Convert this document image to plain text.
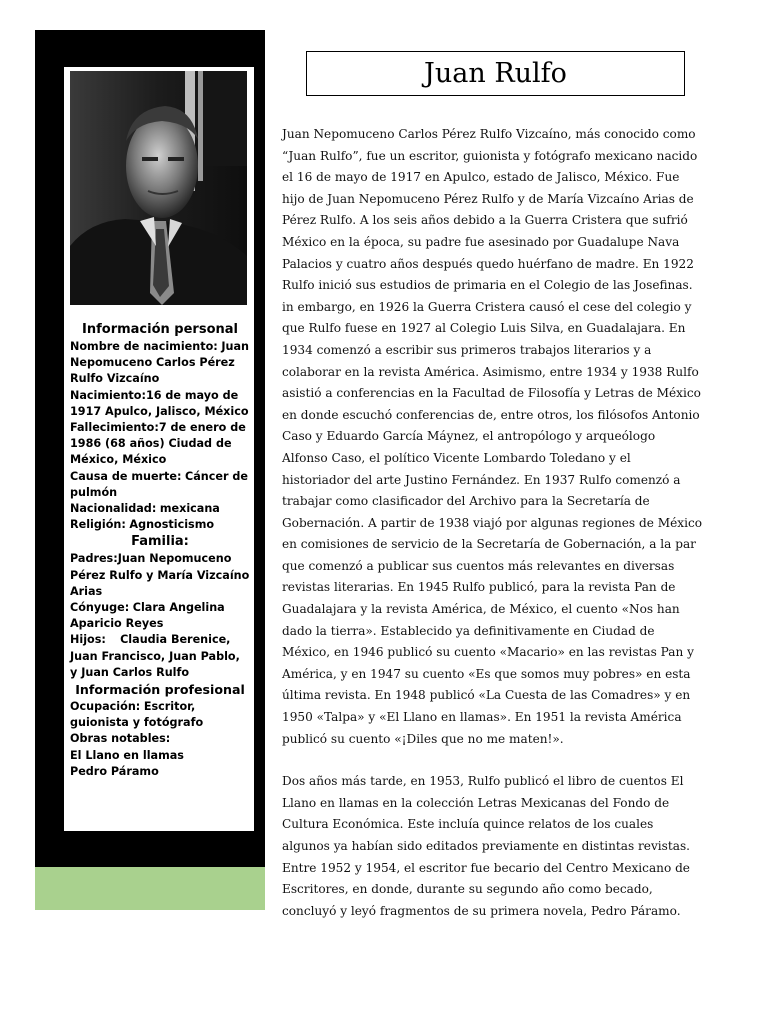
Información personal
Nombre de nacimiento: Juan Nepomuceno Carlos Pérez Rulfo Vizcaíno
Nacimiento:16 de mayo de 1917 Apulco, Jalisco, México
Fallecimiento:7 de enero de 1986 (68 años) Ciudad de México, México
Causa de muerte: Cáncer de pulmón
Nacionalidad: mexicana
Religión: Agnosticismo
Familia:
Padres:Juan Nepomuceno Pérez Rulfo y María Vizcaíno Arias
Cónyuge: Clara Angelina Aparicio Reyes
Hijos: Claudia Berenice, Juan Francisco, Juan Pablo, y Juan Carlos Rulfo
Información profesional
Ocupación: Escritor, guionista y fotógrafo
Obras notables:
El Llano en llamas
Pedro Páramo
Juan Rulfo

Juan Nepomuceno Carlos Pérez Rulfo Vizcaíno, más conocido como “Juan Rulfo”, fue un escritor, guionista y fotógrafo mexicano nacido el 16 de mayo de 1917 en Apulco, estado de Jalisco, México. Fue hijo de Juan Nepomuceno Pérez Rulfo y de María Vizcaíno Arias de Pérez Rulfo. A los seis años debido a la Guerra Cristera que sufrió México en la época, su padre fue asesinado por Guadalupe Nava Palacios y cuatro años después quedo huérfano de madre. En 1922 Rulfo inició sus estudios de primaria en el Colegio de las Josefinas. in embargo, en 1926 la Guerra Cristera causó el cese del colegio y que Rulfo fuese en 1927 al Colegio Luis Silva, en Guadalajara. En 1934 comenzó a escribir sus primeros trabajos literarios y a colaborar en la revista América. Asimismo, entre 1934 y 1938 Rulfo asistió a conferencias en la Facultad de Filosofía y Letras de México en donde escuchó conferencias de, entre otros, los filósofos Antonio Caso y Eduardo García Máynez, el antropólogo y arqueólogo Alfonso Caso, el político Vicente Lombardo Toledano y el historiador del arte Justino Fernández. En 1937 Rulfo comenzó a trabajar como clasificador del Archivo para la Secretaría de Gobernación. A partir de 1938 viajó por algunas regiones de México en comisiones de servicio de la Secretaría de Gobernación, a la par que comenzó a publicar sus cuentos más relevantes en diversas revistas literarias. En 1945 Rulfo publicó, para la revista Pan de Guadalajara y la revista América, de México, el cuento «Nos han dado la tierra». Establecido ya definitivamente en Ciudad de México, en 1946 publicó su cuento «Macario» en las revistas Pan y América, y en 1947 su cuento «Es que somos muy pobres» en esta última revista. En 1948 publicó «La Cuesta de las Comadres» y en 1950 «Talpa» y «El Llano en llamas». En 1951 la revista América publicó su cuento «¡Diles que no me maten!».

Dos años más tarde, en 1953, Rulfo publicó el libro de cuentos El Llano en llamas en la colección Letras Mexicanas del Fondo de Cultura Económica. Este incluía quince relatos de los cuales algunos ya habían sido editados previamente en distintas revistas. Entre 1952 y 1954, el escritor fue becario del Centro Mexicano de Escritores, en donde, durante su segundo año como becado, concluyó y leyó fragmentos de su primera novela, Pedro Páramo.
